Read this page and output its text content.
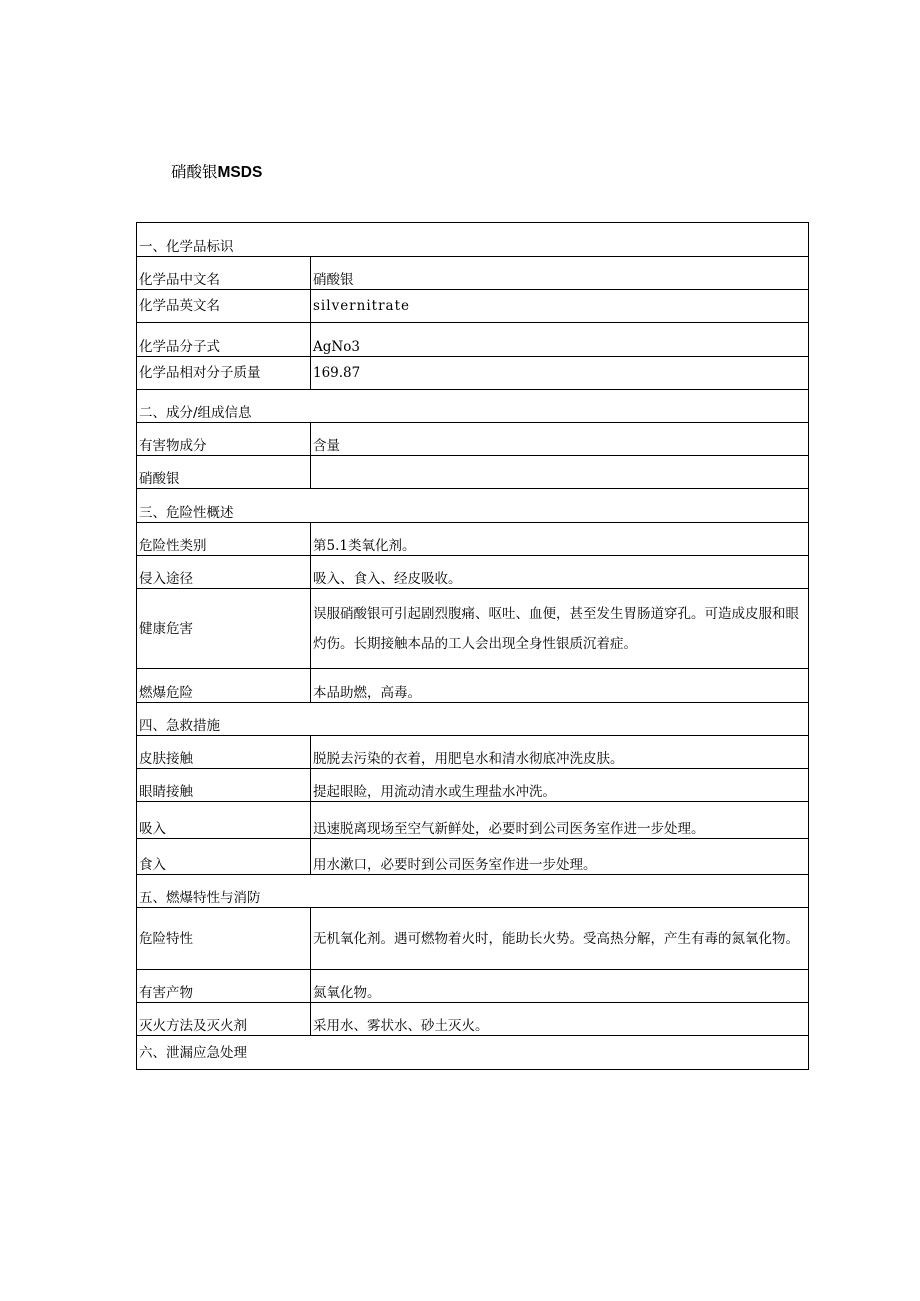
硝酸银MSDS
一、化学品标识	
化学品中文名	硝酸银
化学品英文名	silvernitrate
化学品分子式	AgNo3
化学品相对分子质量	169.87
二、成分/组成信息	
有害物成分	含量
硝酸银	
三、危险性概述	
危险性类别	第5.1类氧化剂。
侵入途径	吸入、食入、经皮吸收。
健康危害	误服硝酸银可引起剧烈腹痛、呕吐、血便，甚至发生胃肠道穿孔。可造成皮服和眼灼伤。长期接触本品的工人会出现全身性银质沉着症。
燃爆危险	本品助燃，高毒。
四、急救措施	
皮肤接触	脱脱去污染的衣着，用肥皂水和清水彻底冲洗皮肤。
眼睛接触	提起眼睑，用流动清水或生理盐水冲洗。
吸入	迅速脱离现场至空气新鲜处，必要时到公司医务室作进一步处理。
食入	用水漱口，必要时到公司医务室作进一步处理。
五、燃爆特性与消防	
危险特性	无机氧化剂。遇可燃物着火时，能助长火势。受高热分解，产生有毒的氮氧化物。
有害产物	氮氧化物。
灭火方法及灭火剂	采用水、雾状水、砂土灭火。
六、泄漏应急处理	
